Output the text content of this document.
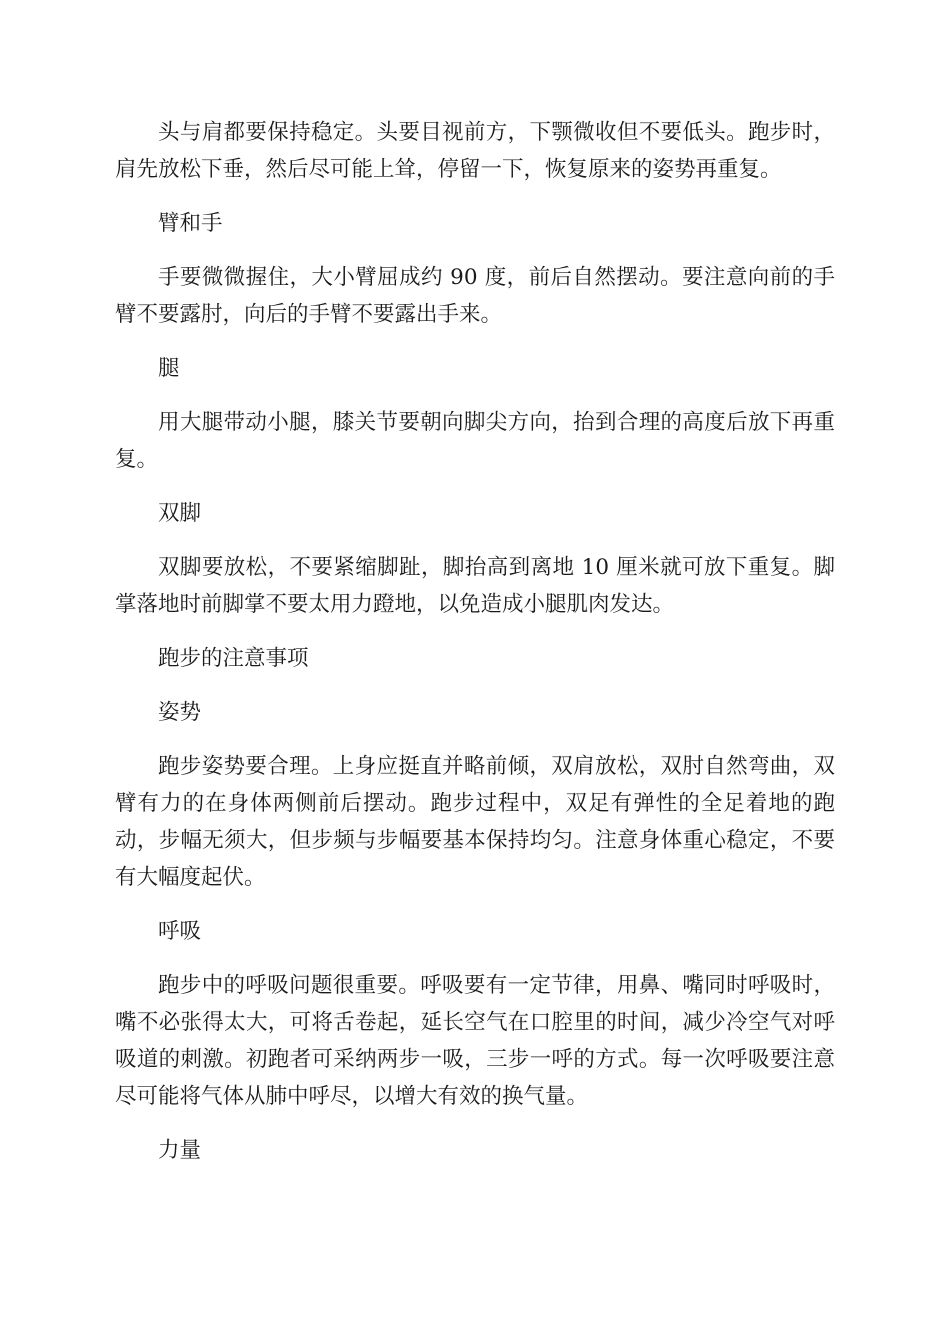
头与肩都要保持稳定。头要目视前方，下颚微收但不要低头。跑步时，肩先放松下垂，然后尽可能上耸，停留一下，恢复原来的姿势再重复。

臂和手

手要微微握住，大小臂屈成约 90 度，前后自然摆动。要注意向前的手臂不要露肘，向后的手臂不要露出手来。

腿

用大腿带动小腿，膝关节要朝向脚尖方向，抬到合理的高度后放下再重复。

双脚

双脚要放松，不要紧缩脚趾，脚抬高到离地 10 厘米就可放下重复。脚掌落地时前脚掌不要太用力蹬地，以免造成小腿肌肉发达。

跑步的注意事项

姿势

跑步姿势要合理。上身应挺直并略前倾，双肩放松，双肘自然弯曲，双臂有力的在身体两侧前后摆动。跑步过程中，双足有弹性的全足着地的跑动，步幅无须大，但步频与步幅要基本保持均匀。注意身体重心稳定，不要有大幅度起伏。

呼吸

跑步中的呼吸问题很重要。呼吸要有一定节律，用鼻、嘴同时呼吸时，嘴不必张得太大，可将舌卷起，延长空气在口腔里的时间，减少冷空气对呼吸道的刺激。初跑者可采纳两步一吸，三步一呼的方式。每一次呼吸要注意尽可能将气体从肺中呼尽，以增大有效的换气量。

力量
